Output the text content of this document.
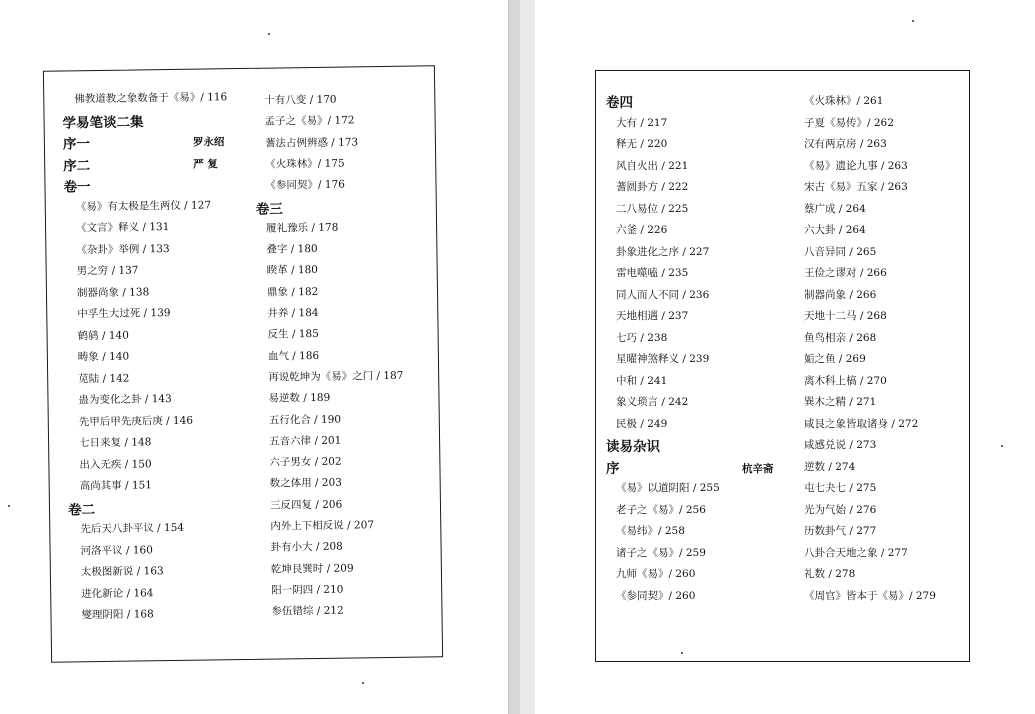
佛教道教之象数备于《易》/ 116
学易笔谈二集
序一	罗永绍
序二	严 复
卷一
《易》有太极是生两仪 / 127
《文言》释义 / 131
《杂卦》举例 / 133
男之穷 / 137
制器尚象 / 138
中孚生大过死 / 139
鹤鸫 / 140
畴象 / 140
苋陆 / 142
蛊为变化之卦 / 143
先甲后甲先庚后庚 / 146
七日来复 / 148
出入无疾 / 150
高尚其事 / 151
卷二
先后天八卦平议 / 154
河洛平议 / 160
太极图新说 / 163
进化新论 / 164
燮理阴阳 / 168
十有八变 / 170
孟子之《易》/ 172
蓍法占例辨惑 / 173
《火珠林》/ 175
《参同契》/ 176
卷三
履礼豫乐 / 178
叠字 / 180
睽革 / 180
鼎象 / 182
井养 / 184
反生 / 185
血气 / 186
再说乾坤为《易》之门 / 187
易逆数 / 189
五行化合 / 190
五音六律 / 201
六子男女 / 202
数之体用 / 203
三反四复 / 206
内外上下相反说 / 207
卦有小大 / 208
乾坤艮巽时 / 209
阳一阴四 / 210
参伍错综 / 212
卷四
大有 / 217
释无 / 220
风自火出 / 221
蓍圆卦方 / 222
二八易位 / 225
六釜 / 226
卦象进化之序 / 227
雷电噬嗑 / 235
同人而人不同 / 236
天地相遇 / 237
七巧 / 238
星曜神煞释义 / 239
中和 / 241
象义琐言 / 242
民极 / 249
读易杂识
序	杭辛斋
《易》以道阴阳 / 255
老子之《易》/ 256
《易纬》/ 258
诸子之《易》/ 259
九师《易》/ 260
《参同契》/ 260
《火珠林》/ 261
子夏《易传》/ 262
汉有两京房 / 263
《易》遗论九事 / 263
宋古《易》五家 / 263
蔡广成 / 264
六大卦 / 264
八音异同 / 265
王俭之谬对 / 266
制器尚象 / 266
天地十二马 / 268
鱼鸟相亲 / 268
姤之鱼 / 269
离木科上槁 / 270
巽木之精 / 271
咸艮之象皆取诸身 / 272
咸感兑说 / 273
逆数 / 274
屯七夬七 / 275
光为气始 / 276
历数卦气 / 277
八卦合天地之象 / 277
礼数 / 278
《周官》皆本于《易》/ 279
